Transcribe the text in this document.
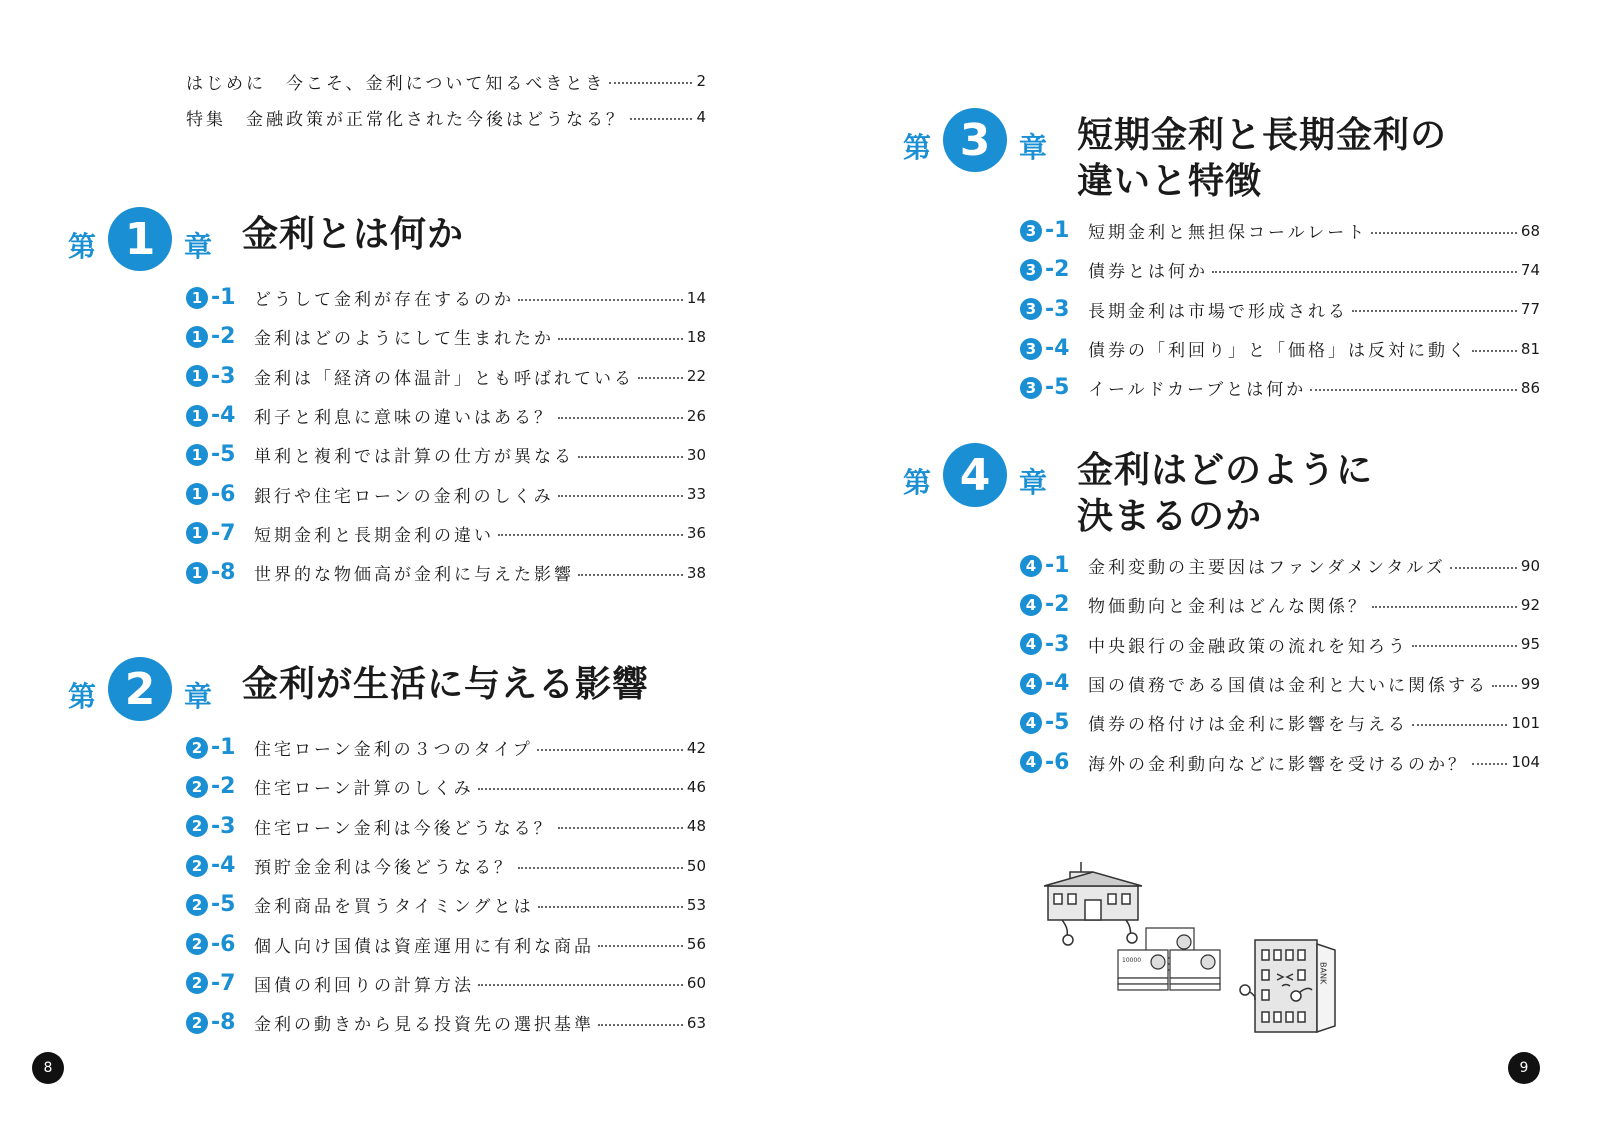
はじめに　今こそ、金利について知るべきとき	2
特集　金融政策が正常化された今後はどうなる？	4
第 1	章 金利とは何か
1 -1 どうして金利が存在するのか	14
1 -2 金利はどのようにして生まれたか	18
1 -3 金利は「経済の体温計」とも呼ばれている	22
1 -4 利子と利息に意味の違いはある？	26
1 -5 単利と複利では計算の仕方が異なる	30
1 -6 銀行や住宅ローンの金利のしくみ	33
1 -7 短期金利と長期金利の違い	36
1 -8 世界的な物価高が金利に与えた影響	38
第 2	章 金利が生活に与える影響
2 -1 住宅ローン金利の３つのタイプ	42
2 -2 住宅ローン計算のしくみ	46
2 -3 住宅ローン金利は今後どうなる？	48
2 -4 預貯金金利は今後どうなる？	50
2 -5 金利商品を買うタイミングとは	53
2 -6 個人向け国債は資産運用に有利な商品	56
2 -7 国債の利回りの計算方法	60
2 -8 金利の動きから見る投資先の選択基準	63
第 3	章 短期金利と長期金利の
違いと特徴
3 -1 短期金利と無担保コールレート	68
3 -2 債券とは何か	74
3 -3 長期金利は市場で形成される	77
3 -4 債券の「利回り」と「価格」は反対に動く	81
3 -5 イールドカーブとは何か	86
第 4	章 金利はどのように
決まるのか
4 -1 金利変動の主要因はファンダメンタルズ	90
4 -2 物価動向と金利はどんな関係？	92
4 -3 中央銀行の金融政策の流れを知ろう	95
4 -4 国の債務である国債は金利と大いに関係する 99
4 -5 債券の格付けは金利に影響を与える	101
4 -6 海外の金利動向などに影響を受けるのか？	104
10000
BANK
8	9
